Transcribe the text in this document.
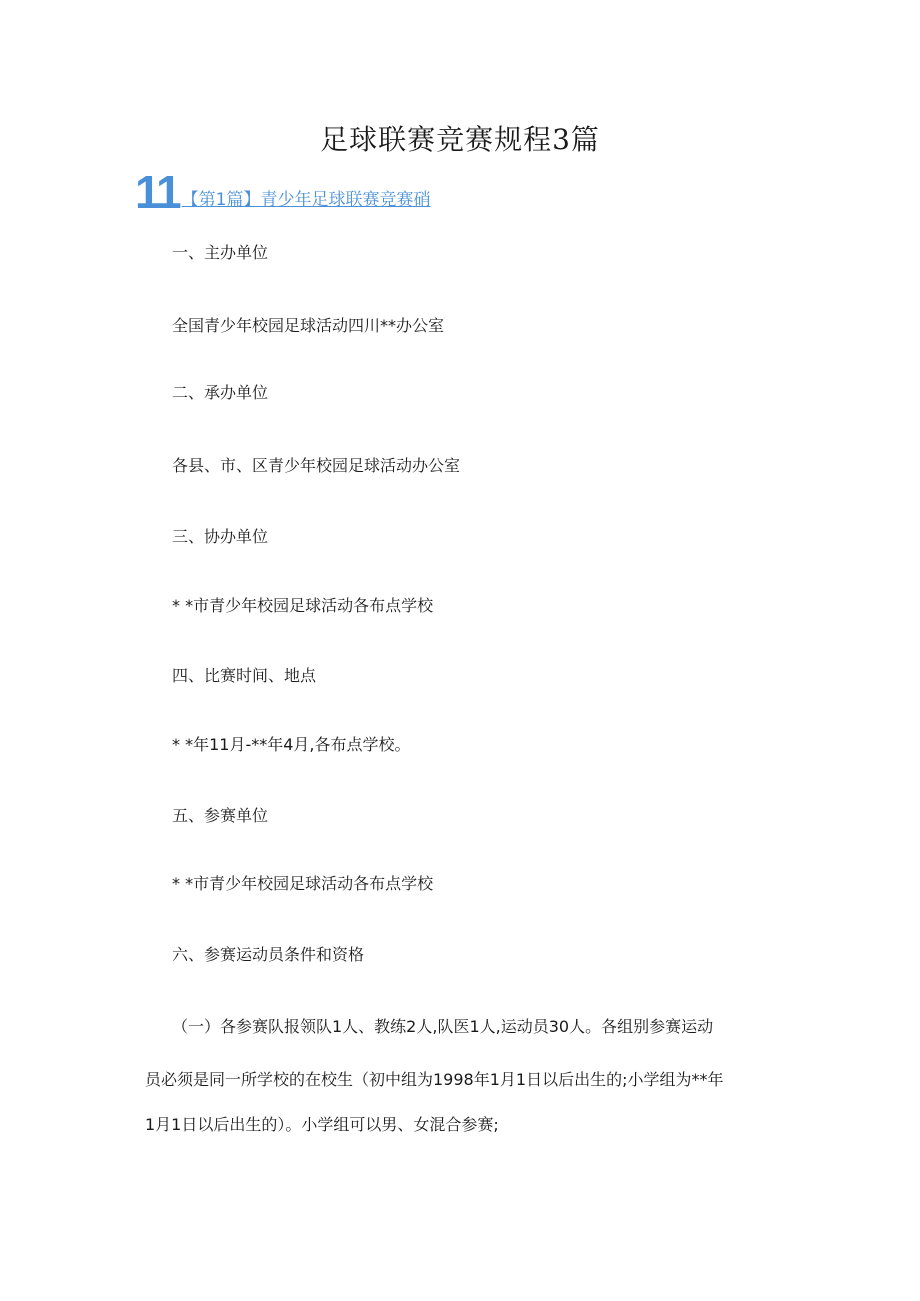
足球联赛竞赛规程3篇
11 【第1篇】青少年足球联赛竞赛硝

一、主办单位

全国青少年校园足球活动四川**办公室

二、承办单位

各县、市、区青少年校园足球活动办公室

三、协办单位

* *市青少年校园足球活动各布点学校

四、比赛时间、地点

* *年11月-**年4月,各布点学校。

五、参赛单位

* *市青少年校园足球活动各布点学校

六、参赛运动员条件和资格

（一）各参赛队报领队1人、教练2人,队医1人,运动员30人。各组别参赛运动

员必须是同一所学校的在校生（初中组为1998年1月1日以后出生的;小学组为**年

1月1日以后出生的）。小学组可以男、女混合参赛;
